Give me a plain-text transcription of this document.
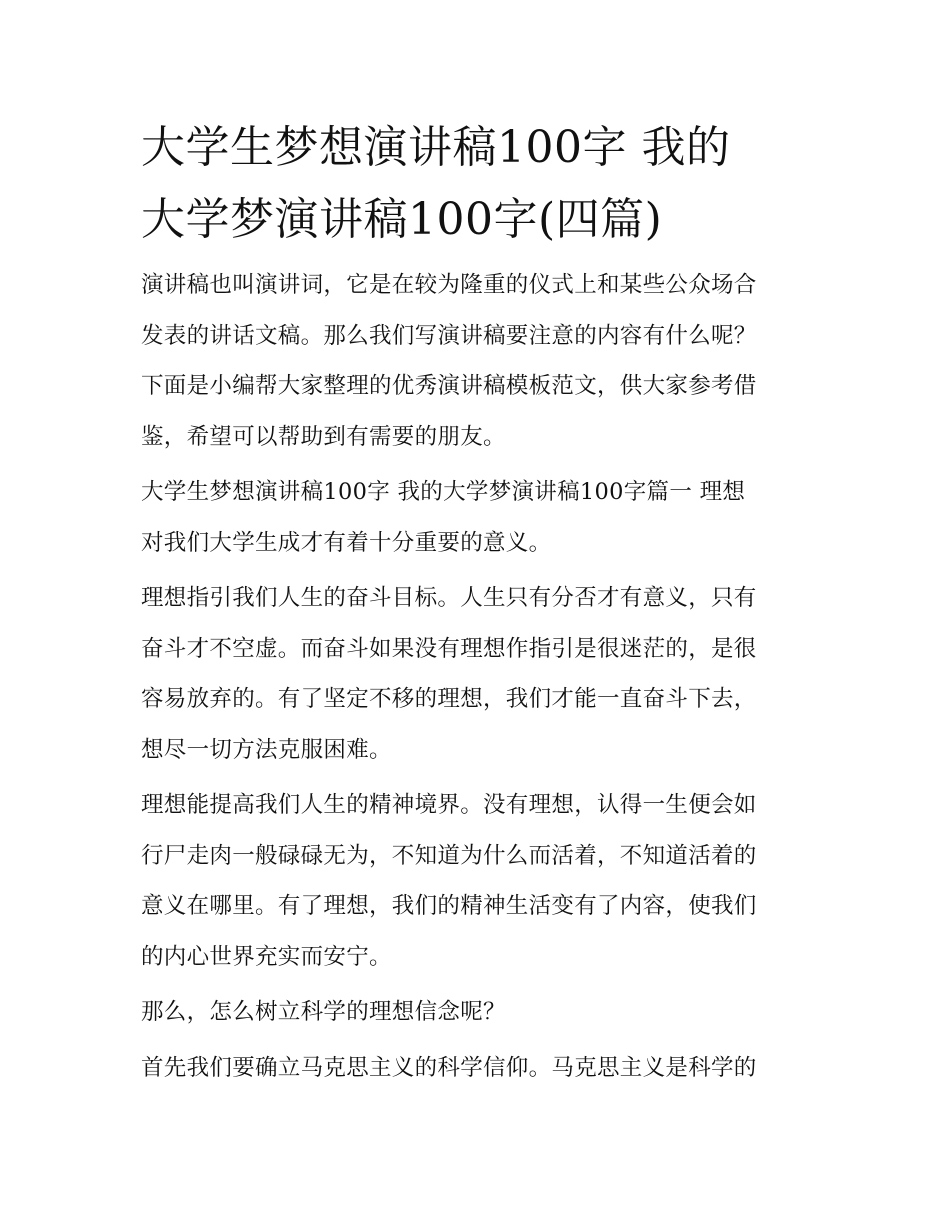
大学生梦想演讲稿100字 我的
大学梦演讲稿100字(四篇)

演讲稿也叫演讲词，它是在较为隆重的仪式上和某些公众场合
发表的讲话文稿。那么我们写演讲稿要注意的内容有什么呢？
下面是小编帮大家整理的优秀演讲稿模板范文，供大家参考借
鉴，希望可以帮助到有需要的朋友。

大学生梦想演讲稿100字 我的大学梦演讲稿100字篇一 理想
对我们大学生成才有着十分重要的意义。

理想指引我们人生的奋斗目标。人生只有分否才有意义，只有
奋斗才不空虚。而奋斗如果没有理想作指引是很迷茫的，是很
容易放弃的。有了坚定不移的理想，我们才能一直奋斗下去，
想尽一切方法克服困难。

理想能提高我们人生的精神境界。没有理想，认得一生便会如
行尸走肉一般碌碌无为，不知道为什么而活着，不知道活着的
意义在哪里。有了理想，我们的精神生活变有了内容，使我们
的内心世界充实而安宁。

那么，怎么树立科学的理想信念呢？

首先我们要确立马克思主义的科学信仰。马克思主义是科学的
